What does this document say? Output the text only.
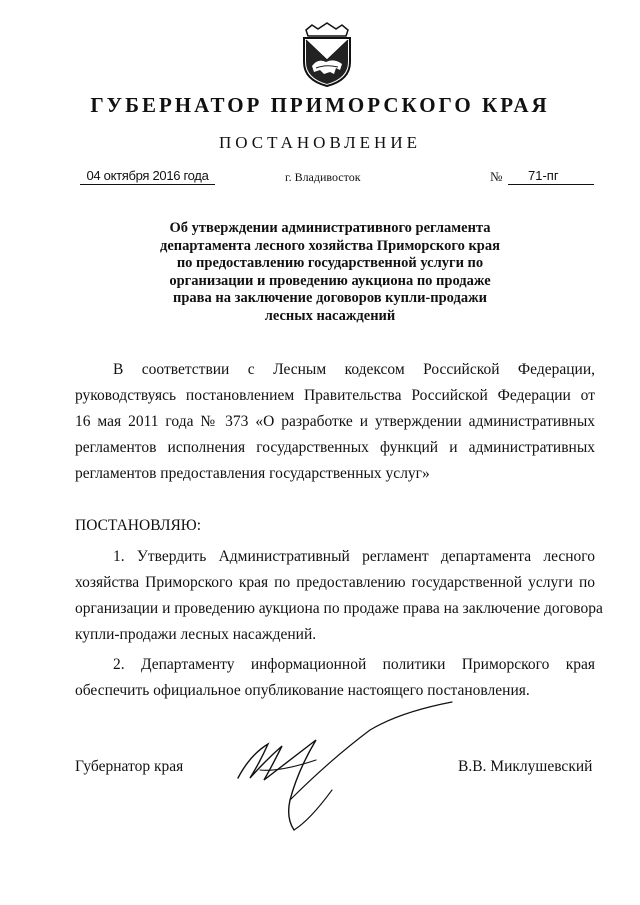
ГУБЕРНАТОР ПРИМОРСКОГО КРАЯ
ПОСТАНОВЛЕНИЕ
04 октября 2016 года	г. Владивосток	№	71-пг
Об утверждении административного регламента
департамента лесного хозяйства Приморского края
по предоставлению государственной услуги по
организации и проведению аукциона по продаже
права на заключение договоров купли-продажи
лесных насаждений
В соответствии с Лесным кодексом Российской Федерации,
руководствуясь постановлением Правительства Российской Федерации от
16 мая 2011 года № 373 «О разработке и утверждении административных
регламентов исполнения государственных функций и административных
регламентов предоставления государственных услуг»
ПОСТАНОВЛЯЮ:
1. Утвердить Административный регламент департамента лесного
хозяйства Приморского края по предоставлению государственной услуги по
организации и проведению аукциона по продаже права на заключение договора
купли-продажи лесных насаждений.
2. Департаменту информационной политики Приморского края
обеспечить официальное опубликование настоящего постановления.
Губернатор края	В.В. Миклушевский
